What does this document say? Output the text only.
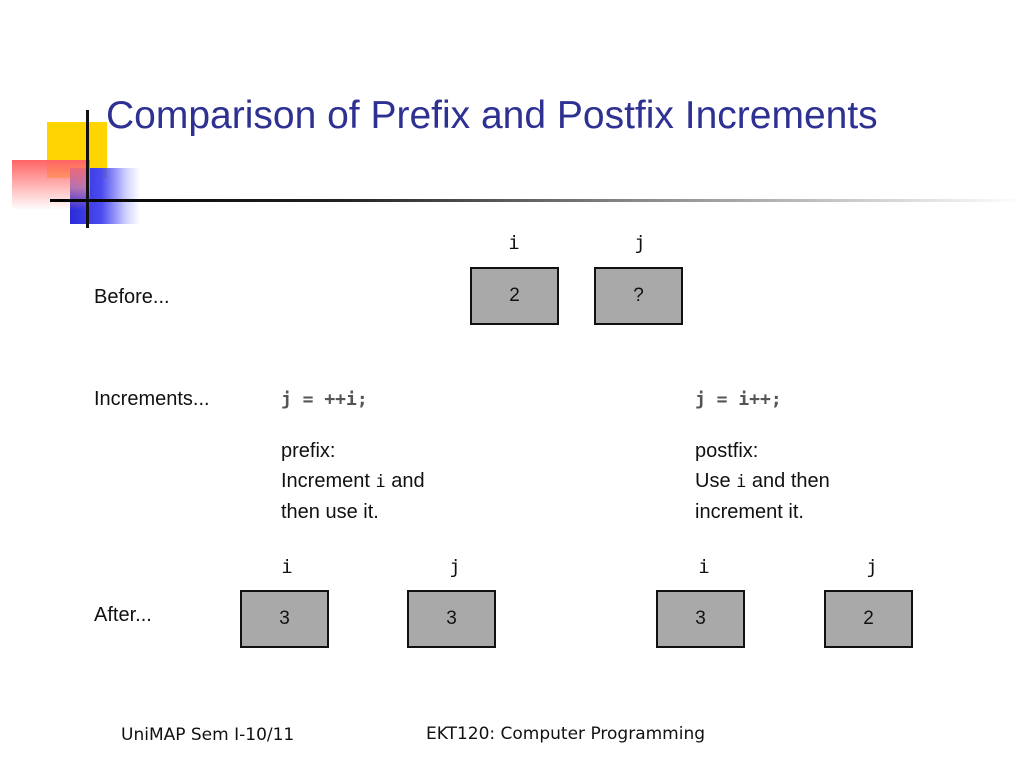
Comparison of Prefix and Postfix Increments
Before...
i	j
2	?
Increments...	j = ++i;
prefix:
Increment i and
then use it.
j = i++;
postfix:
Use i and then
increment it.
After...
i	j
3	3
i	j
3	2
UniMAP Sem I-10/11	EKT120: Computer Programming
